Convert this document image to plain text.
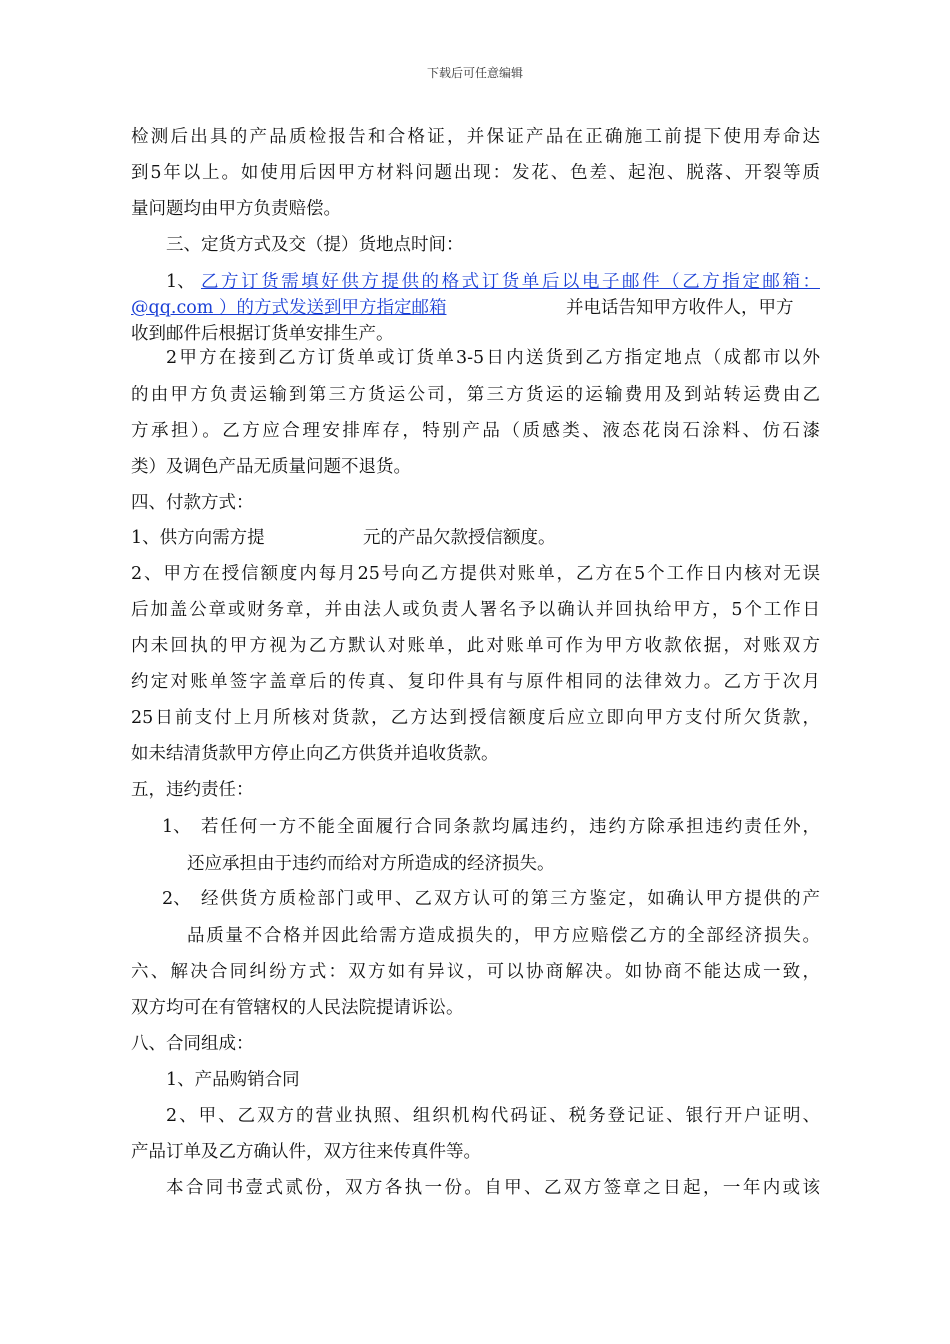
下载后可任意编辑
检测后出具的产品质检报告和合格证，并保证产品在正确施工前提下使用寿命达
到5年以上。如使用后因甲方材料问题出现：发花、色差、起泡、脱落、开裂等质
量问题均由甲方负责赔偿。
三、定货方式及交（提）货地点时间：
1、 乙方订货需填好供方提供的格式订货单后以电子邮件（乙方指定邮箱：
@qq.com ）的方式发送到甲方指定邮箱	并电话告知甲方收件人，甲方
收到邮件后根据订货单安排生产。
2甲方在接到乙方订货单或订货单3-5日内送货到乙方指定地点（成都市以外
的由甲方负责运输到第三方货运公司，第三方货运的运输费用及到站转运费由乙
方承担）。乙方应合理安排库存，特别产品（质感类、液态花岗石涂料、仿石漆
类）及调色产品无质量问题不退货。
四、付款方式：
1、供方向需方提	元的产品欠款授信额度。
2、甲方在授信额度内每月25号向乙方提供对账单，乙方在5个工作日内核对无误
后加盖公章或财务章，并由法人或负责人署名予以确认并回执给甲方，5个工作日
内未回执的甲方视为乙方默认对账单，此对账单可作为甲方收款依据，对账双方
约定对账单签字盖章后的传真、复印件具有与原件相同的法律效力。乙方于次月
25日前支付上月所核对货款，乙方达到授信额度后应立即向甲方支付所欠货款，
如未结清货款甲方停止向乙方供货并追收货款。
五，违约责任：
1、 若任何一方不能全面履行合同条款均属违约，违约方除承担违约责任外，
还应承担由于违约而给对方所造成的经济损失。
2、 经供货方质检部门或甲、乙双方认可的第三方鉴定，如确认甲方提供的产
品质量不合格并因此给需方造成损失的，甲方应赔偿乙方的全部经济损失。
六、解决合同纠纷方式：双方如有异议，可以协商解决。如协商不能达成一致，
双方均可在有管辖权的人民法院提请诉讼。
八、合同组成：
1、产品购销合同
2、甲、乙双方的营业执照、组织机构代码证、税务登记证、银行开户证明、
产品订单及乙方确认件，双方往来传真件等。
本合同书壹式贰份，双方各执一份。自甲、乙双方签章之日起，一年内或该
